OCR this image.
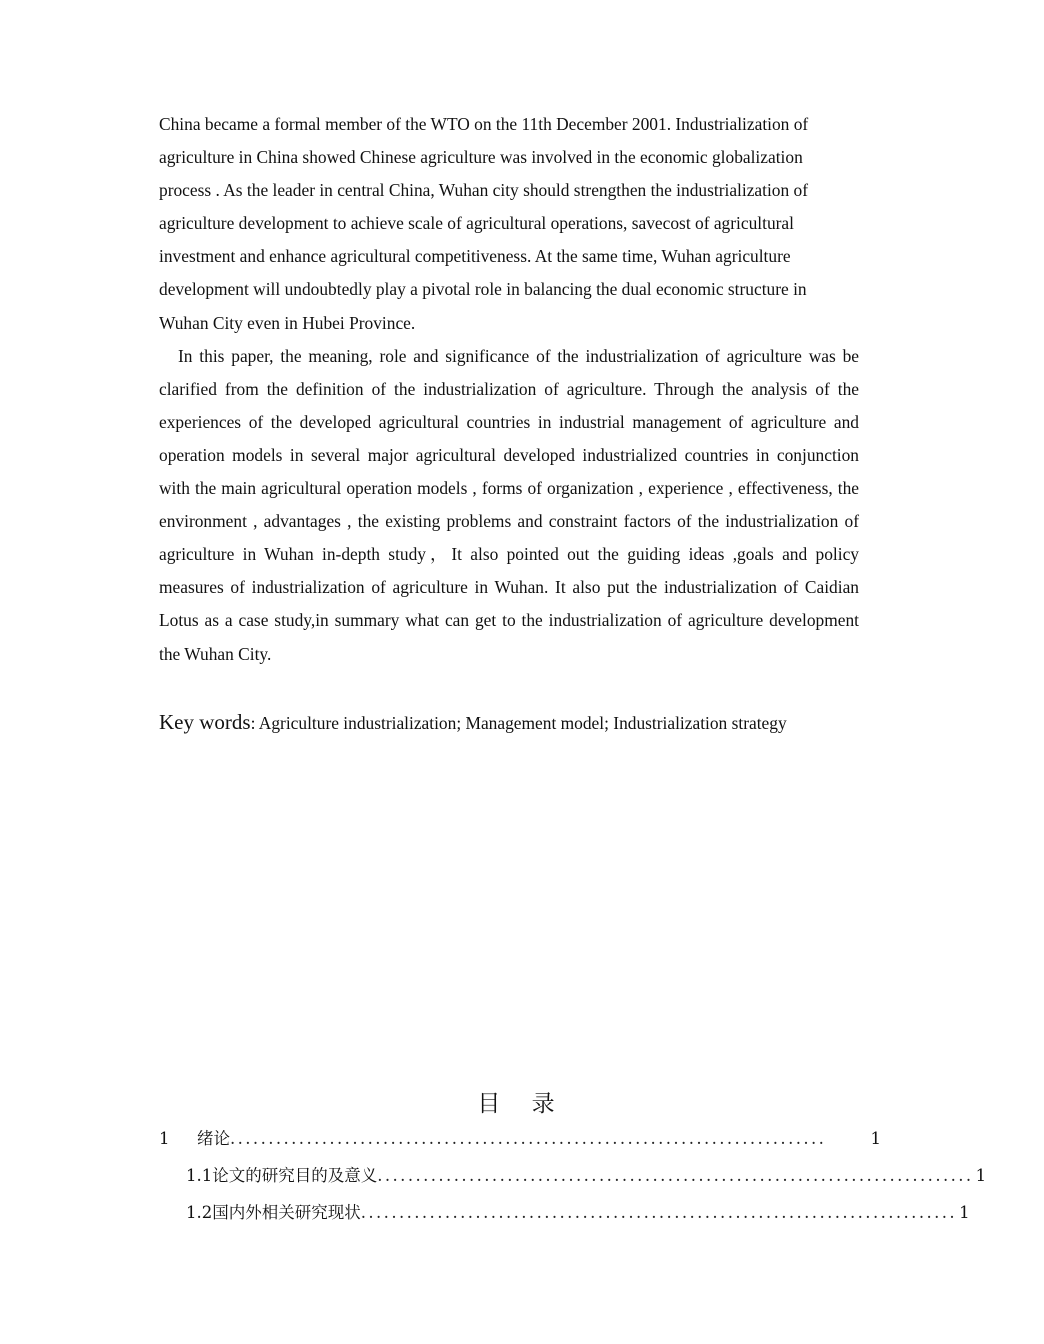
China became a formal member of the WTO on the 11th December 2001. Industrialization of agriculture in China showed Chinese agriculture was involved in the economic globalization process . As the leader in central China, Wuhan city should strengthen the industrialization of agriculture development to achieve scale of agricultural operations, savecost of agricultural investment and enhance agricultural competitiveness. At the same time, Wuhan agriculture development will undoubtedly play a pivotal role in balancing the dual economic structure in Wuhan City even in Hubei Province.

In this paper, the meaning, role and significance of the industrialization of agriculture was be clarified from the definition of the industrialization of agriculture. Through the analysis of the experiences of the developed agricultural countries in industrial management of agriculture and operation models in several major agricultural developed industrialized countries in conjunction with the main agricultural operation models , forms of organization , experience , effectiveness, the environment , advantages , the existing problems and constraint factors of the industrialization of agriculture in Wuhan in-depth study，It also pointed out the guiding ideas ,goals and policy measures of industrialization of agriculture in Wuhan. It also put the industrialization of Caidian Lotus as a case study,in summary what can get to the industrialization of agriculture development the Wuhan City.

Key words: Agriculture industrialization; Management model; Industrialization strategy
目 录
1	绪论 ..............................................................................	1
1.1 论文的研究目的及意义 .............................................................................. 1
1.2 国内外相关研究现状 .............................................................................. 1
